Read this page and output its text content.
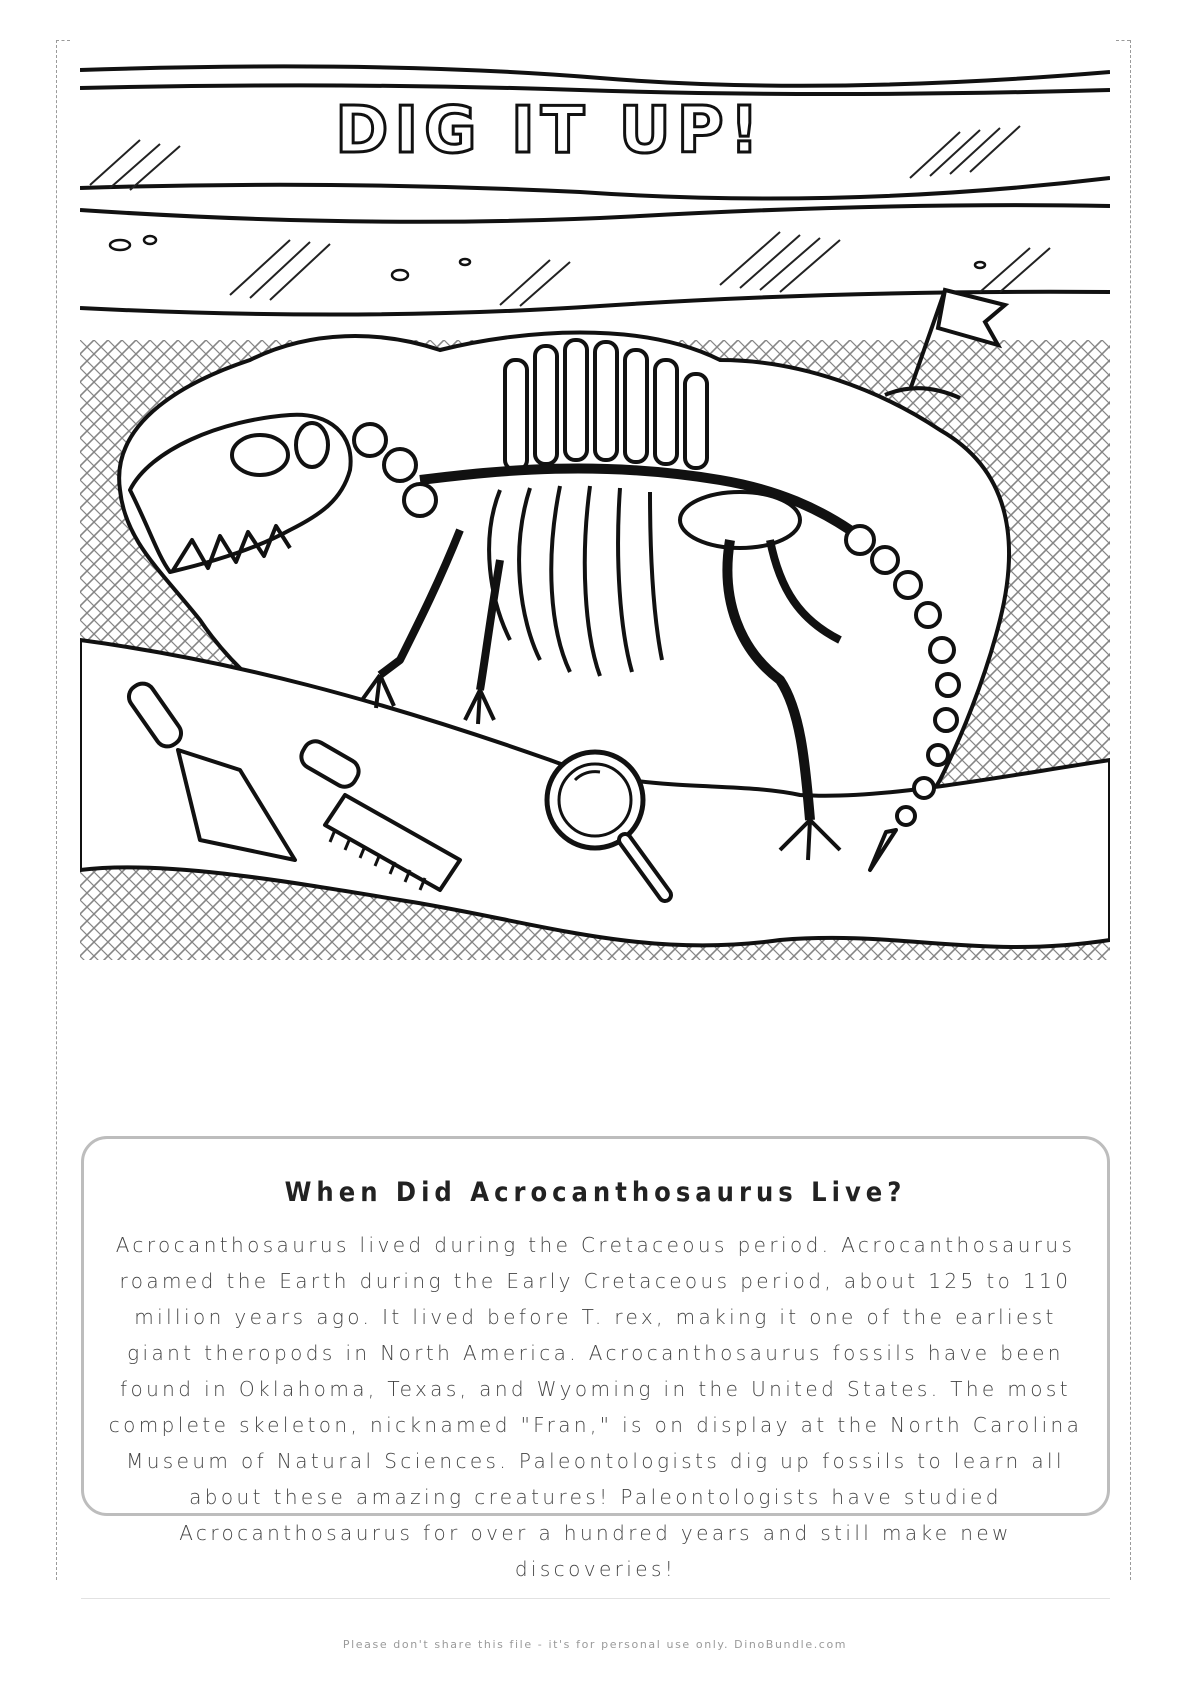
DIG IT UP!
When Did Acrocanthosaurus Live?
Acrocanthosaurus lived during the Cretaceous period. Acrocanthosaurus roamed the Earth during the Early Cretaceous period, about 125 to 110 million years ago. It lived before T. rex, making it one of the earliest giant theropods in North America. Acrocanthosaurus fossils have been found in Oklahoma, Texas, and Wyoming in the United States. The most complete skeleton, nicknamed "Fran," is on display at the North Carolina Museum of Natural Sciences. Paleontologists dig up fossils to learn all about these amazing creatures! Paleontologists have studied Acrocanthosaurus for over a hundred years and still make new discoveries!
Please don't share this file - it's for personal use only. DinoBundle.com
